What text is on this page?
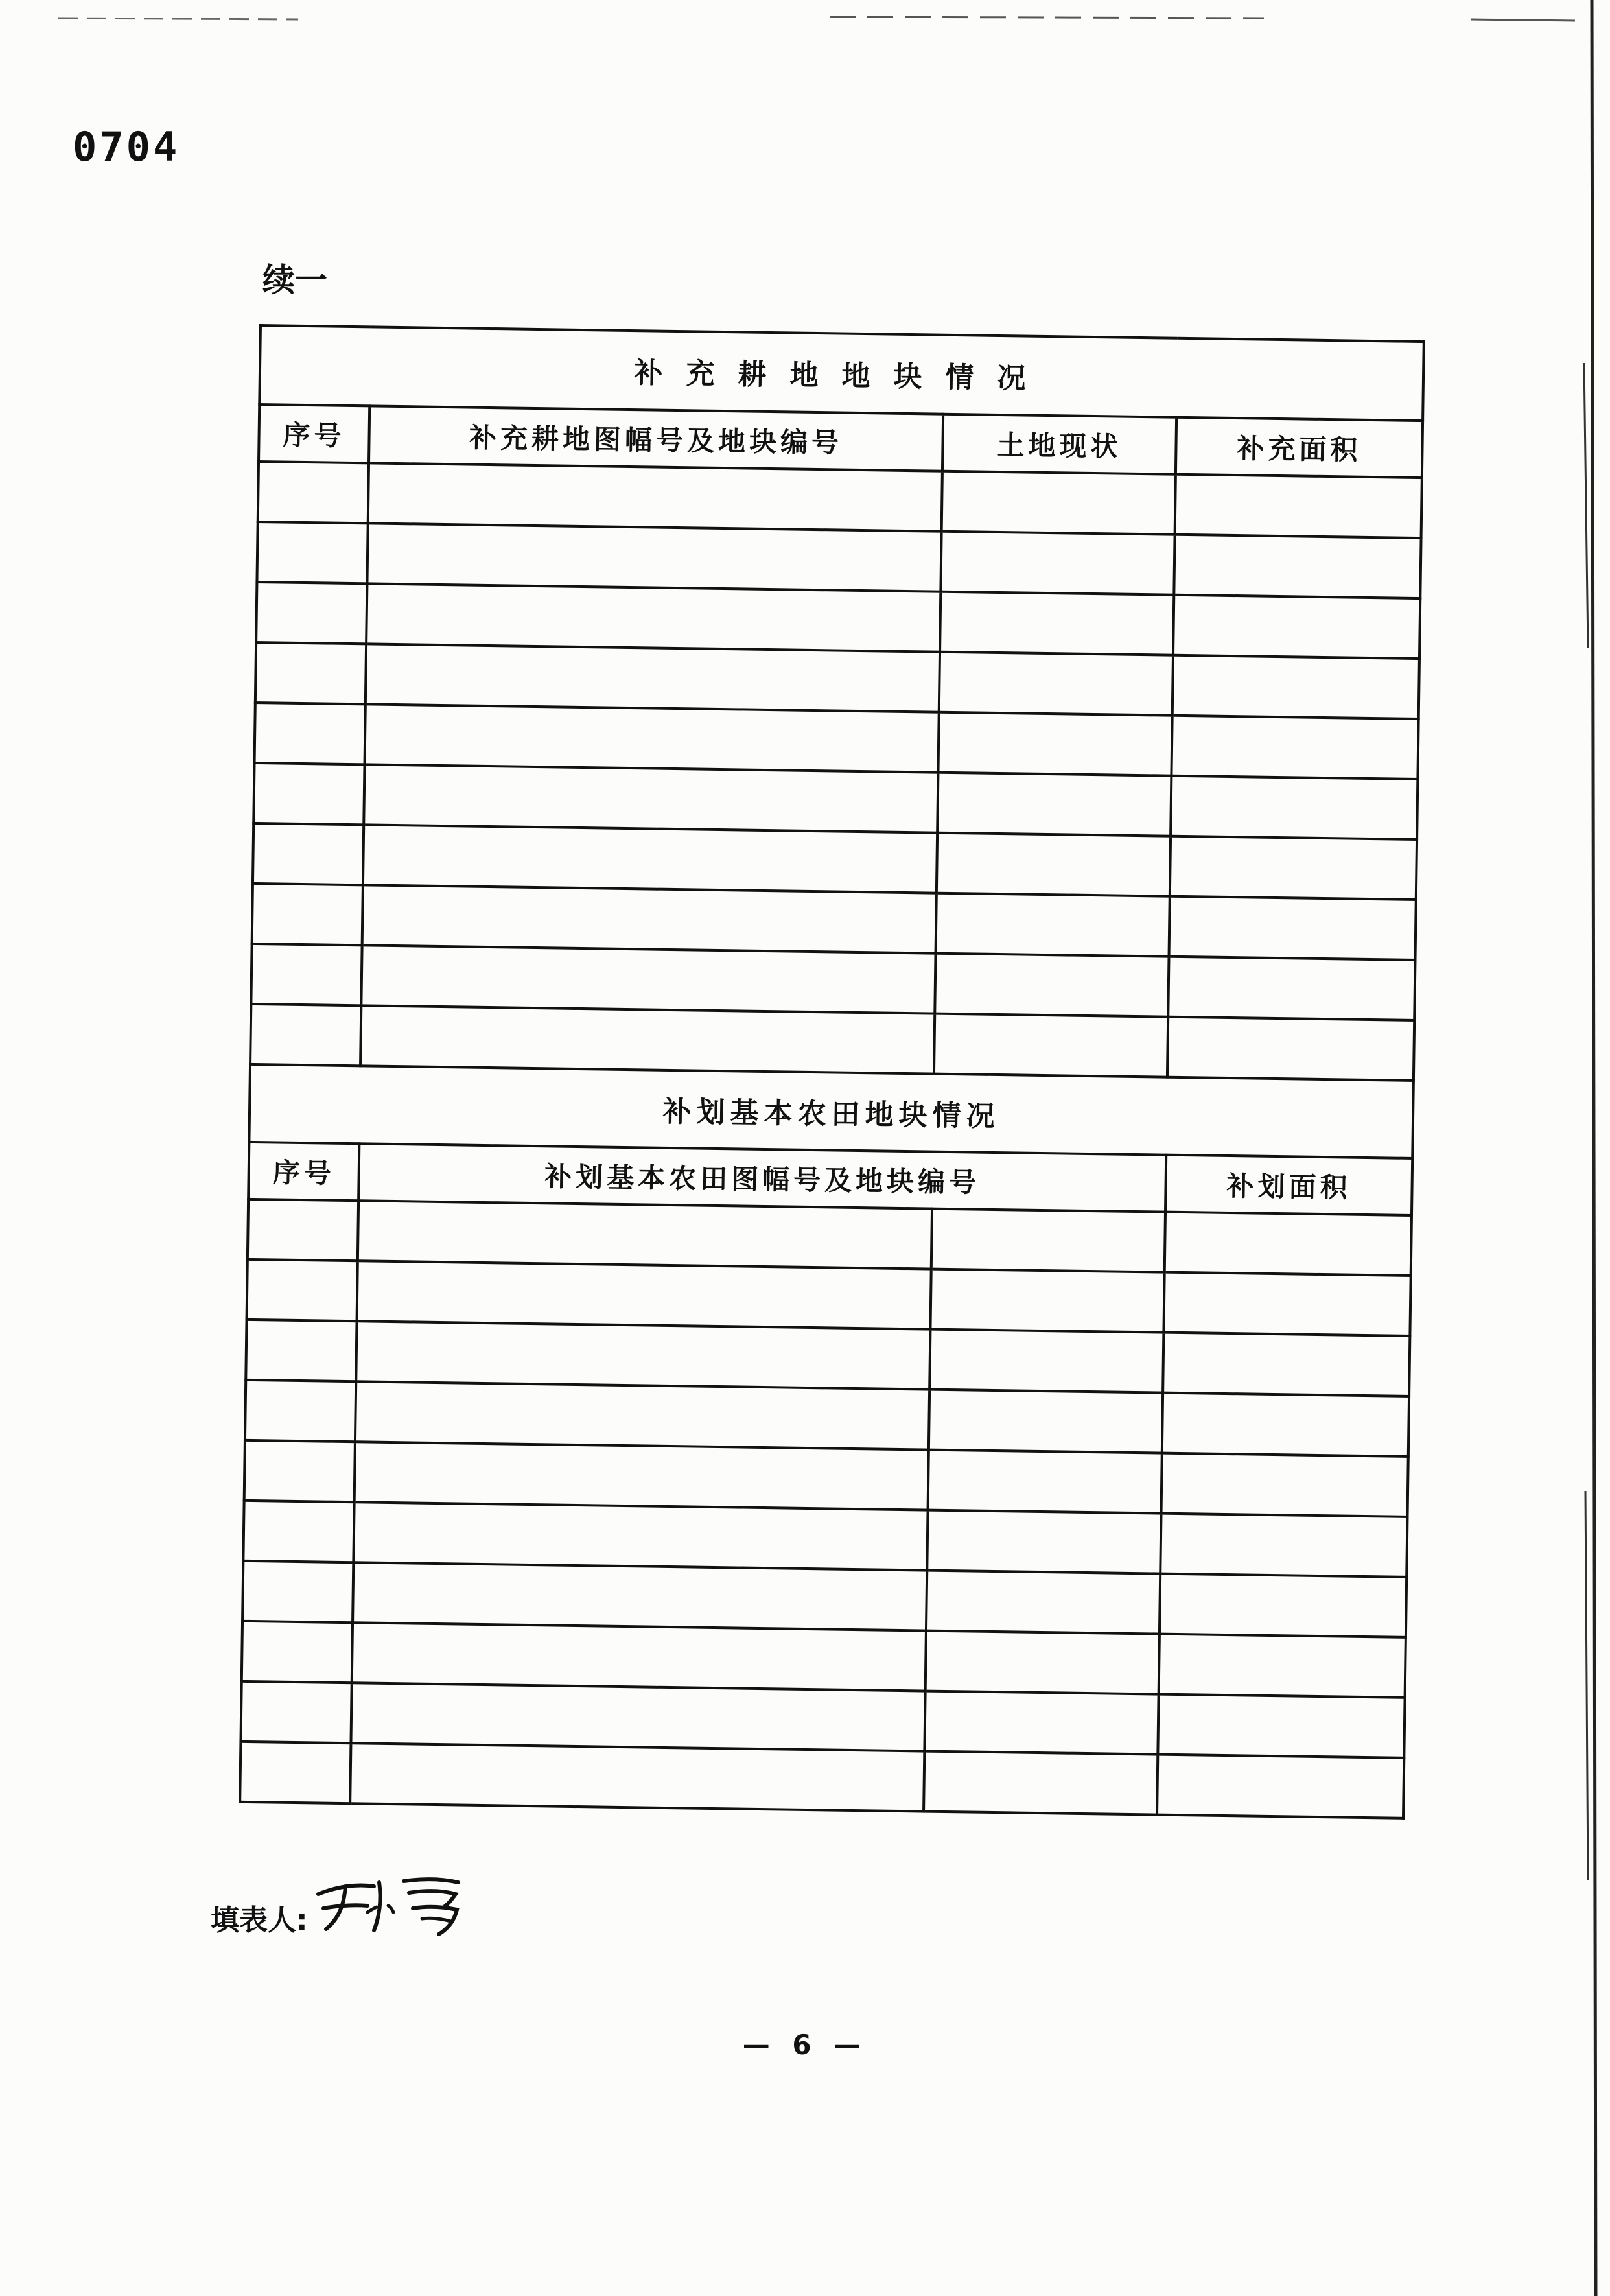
0704
续一
补充耕地地块情况			
序号	补充耕地图幅号及地块编号	土地现状	补充面积

补划基本农田地块情况			
序号	补划基本农田图幅号及地块编号		补划面积

填表人:
— 6 —
